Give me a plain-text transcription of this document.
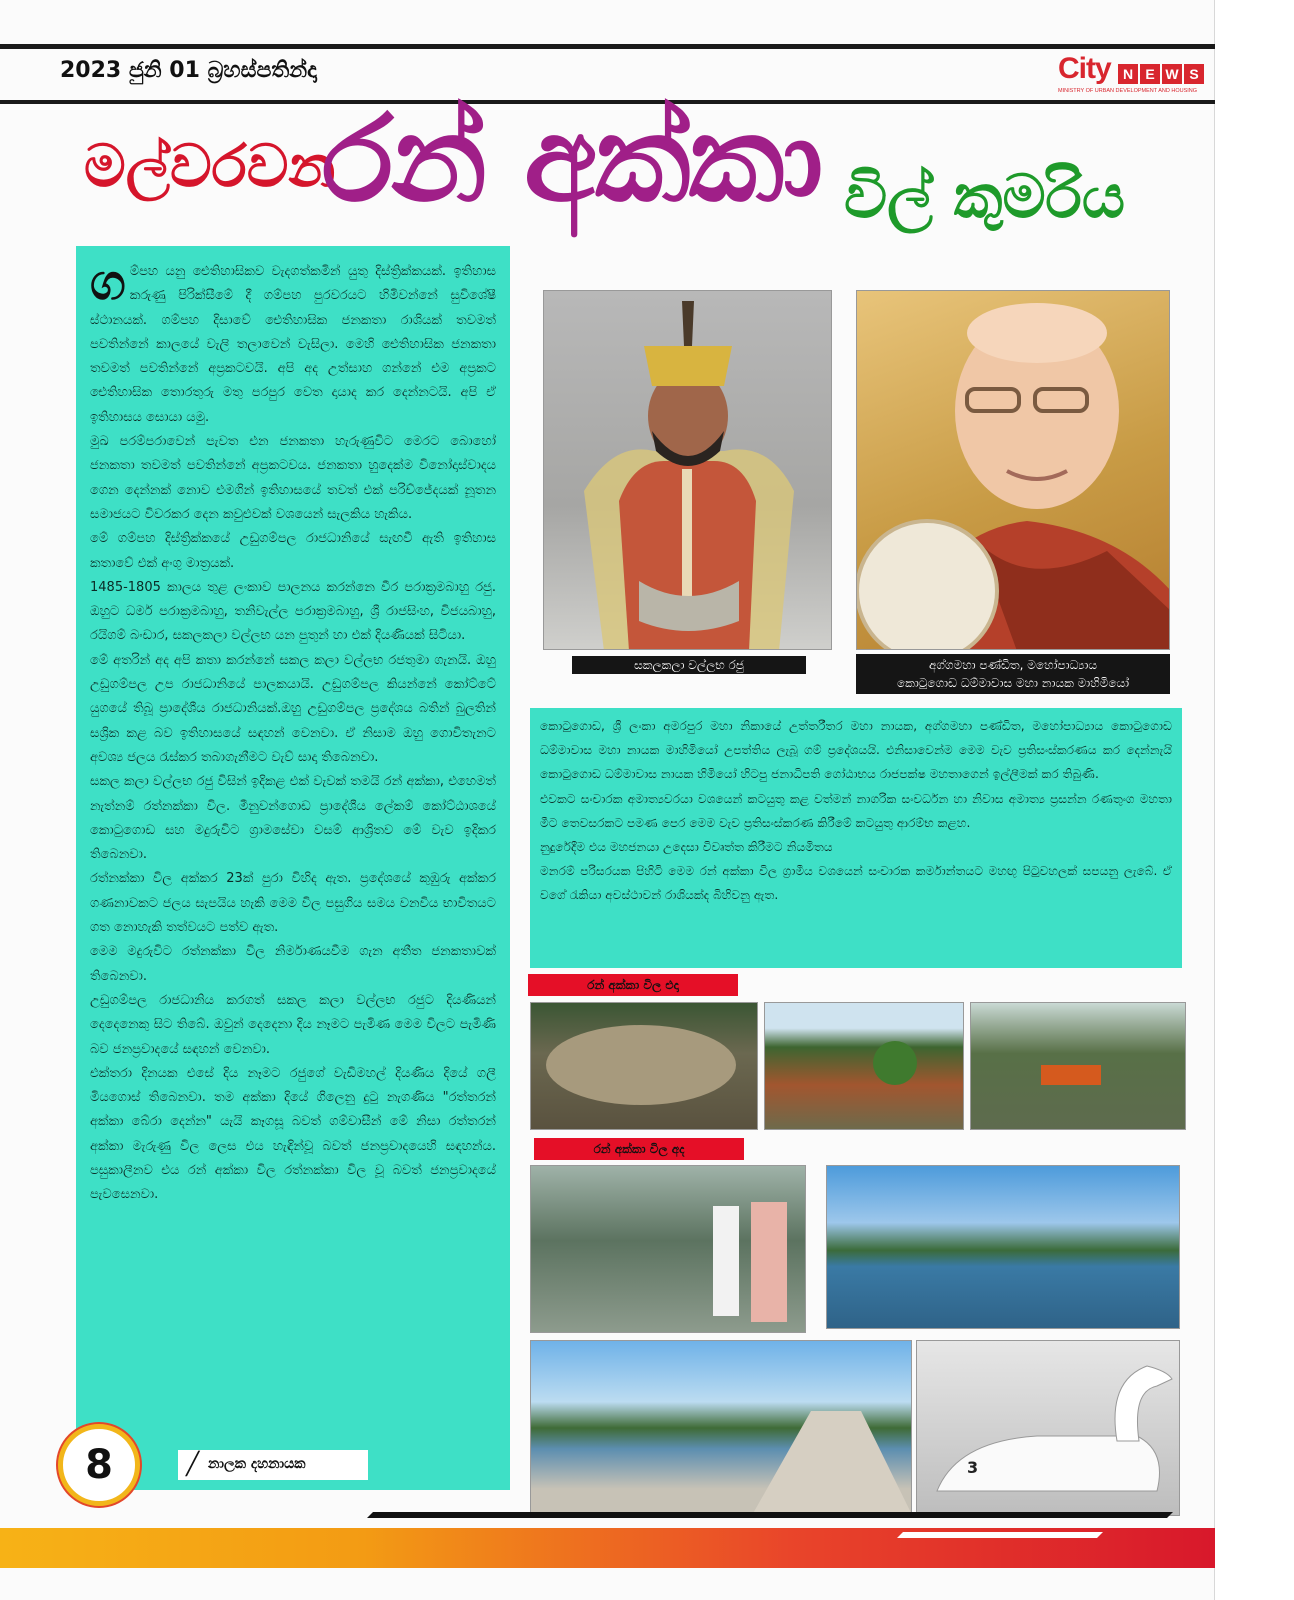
2023 ජුනි 01 බ්‍රහස්පතින්දා	City N E W S
MINISTRY OF URBAN DEVELOPMENT AND HOUSING
මල්වරවන
රන් අක්කා විල් කුමරිය
ග ම්පහ යනු ඓතිහාසිකව වැදගත්කමින් යුතු දිස්ත්‍රික්කයක්. ඉතිහාස කරුණු පිරික්සීමේ දී ගම්පහ පුරවරයට හිමිවන්නේ සුවිශේෂී ස්ථානයක්. ගම්පහ දිසාවේ ඓතිහාසික ජනකතා රාශියක් තවමත් පවතින්නේ කාලයේ වැලි තලාවෙන් වැසිලා. මෙහි ඓතිහාසික ජනකතා තවමත් පවතින්නේ අප්‍රකටවයි. අපි අද උත්සාහ ගන්නේ එම අප්‍රකට ඓතිහාසික තොරතුරු මතු පරපුර වෙත දායාද කර දෙන්නටයි. අපි ඒ ඉතිහාසය සොයා යමු.

මුඛ පරම්පරාවෙන් පැවත එන ජනකතා හැරුණුවිට මෙරට බොහෝ ජනකතා තවමත් පවතින්නේ අප්‍රකටවය. ජනකතා හුදෙක්ම විනෝදාස්වාදය ගෙන දෙන්නක් නොව එමගින් ඉතිහාසයේ තවත් එක් පරිච්ජේදයක් නූතන සමාජයට විවරකර දෙන කවුළුවක් වශයෙන් සැලකිය හැකිය.

මේ ගම්පහ දිස්ත්‍රික්කයේ උඩුගම්පල රාජධානියේ සැඟවී ඇති ඉතිහාස කතාවේ එක් අංගු මාත්‍රයක්.

1485-1805 කාලය තුළ ලංකාව පාලනය කරන්නෙ වීර පරාක්‍රමබාහු රජු. ඔහුට ධර්ම පරාක්‍රමබාහු, තනිවැල්ල පරාක්‍රමබාහු, ශ්‍රී රාජසිංහ, විජයබාහු, රයිගම් බංඩාර, සකලකලා වල්ලභ යන පුතුන් හා එක් දියණියක් සිටියා.

මේ අතරින් අද අපි කතා කරන්නේ සකල කලා වල්ලභ රජතුමා ගැනයි. ඔහු උඩුගම්පල උප රාජධානියේ පාලකයායි. උඩුගම්පල කියන්නේ කෝට්ටේ යුගයේ තිබූ ප්‍රාදේශීය රාජධානියක්.ඔහු උඩුගම්පල ප්‍රදේශය බතින් බුලතින් සශ්‍රික කළ බව ඉතිහාසයේ සඳහන් වෙනවා. ඒ නිසාම ඔහු ගොවිතැනට අවශ්‍ය ජලය රැස්කර තබාගැනීමට වැව් සාදා තිබෙනවා.

සකල කලා වල්ලභ රජු විසින් ඉදිකළ එක් වැවක් තමයි රන් අක්කා, එහෙමත් නැත්නම් රත්නක්කා විල. මීනුවන්ගොඩ ප්‍රාදේශීය ලේකම් කෝට්ඨාශයේ කොටුගොඩ සහ මදුරුවිට ග්‍රාමසේවා වසම් ආශ්‍රිතව මේ වැව ඉදිකර තිබෙනවා.

රත්නක්කා විල අක්කර 23ක් පුරා විහිද ඇත. ප්‍රදේශයේ කුඹුරු අක්කර ගණනාවකට ජලය සැපයිය හැකි මෙම විල පසුගිය සමය වනවිය භාවිතයට ගත නොහැකි තත්වයට පත්ව ඇත.

මෙම මදුරුවිට රත්නක්කා විල නිර්මාණයවීම ගැන අතීත ජනකතාවක් තිබෙනවා.

උඩුගම්පල රාජධානිය කරගත් සකල කලා වල්ලභ රජුට දියණියන් දෙදෙනෙකු සිට තිබේ. ඔවුන් දෙදෙනා දිය නෑමට පැමිණ මෙම විලට පැමිණි බව ජනප්‍රවාදයේ සඳහන් වෙනවා.

එක්තරා දිනයක එසේ දිය නෑමට රජුගේ වැඩිමහල් දියණිය දියේ ගලී මියගොස් තිබෙනවා. තම අක්කා දියේ ගිලෙනු දුටු නැගණිය "රත්තරන් අක්කා බේරා දෙන්න" යැයි කෑගසූ බවත් ගම්වාසීන් මේ නිසා රත්තරන් අක්කා මැරුණු විල ලෙස එය හැඳින්වූ බවත් ජනප්‍රවාදයෙහි සඳහන්ය. පසුකාලීනව එය රන් අක්කා විල රත්නක්කා විල වූ බවත් ජනප්‍රවාදයේ පැවසෙනවා.

8	╱ නාලක දහනායක
සකලකලා වල්ලභ රජු	අග්ගමහා පණ්ඩිත, මහෝපාධ්‍යාය
කොටුගොඩ ධම්මාවාස මහා නායක මාහිමියෝ

කොටුගොඩ, ශ්‍රී ලංකා අමරපුර මහා නිකායේ උත්තරීතර මහා නායක, අග්ගමහා පණ්ඩිත, මහෝපාධ්‍යාය කොටුගොඩ ධම්මාවාස මහා නායක මාහිමියෝ උපත්තිය ලැබූ ගම් ප්‍රදේශයයි. එනිසාවෙන්ම මෙම වැව ප්‍රතිසංස්කරණය කර දෙන්නැයි කොටුගොඩ ධම්මාවාස නායක හිමියෝ හිටපු ජනාධිපති ගෝඨාභය රාජපක්ෂ මහතාගෙන් ඉල්ලීමක් කර තිබුණි.

එවකට සංචාරක අමාත්‍යවරයා වශයෙන් කටයුතු කළ වත්මන් නාගරික සංවර්ධන හා නිවාස අමාත්‍ය ප්‍රසන්න රණතුංග මහතා මීට තෙවසරකට පමණ පෙර මෙම වැව ප්‍රතිසංස්කරණ කිරීමේ කටයුතු ආරම්භ කළහ.

නුදුරේදීම එය මහජනයා උදෙසා විවෘත්ත කිරීමට නියමිතය

මනරම් පරිසරයක පිහිටි මෙම රන් අක්කා විල ග්‍රාමීය වශයෙන් සංචාරක කර්මාන්තයට මහඟු පිටුවහලක් සපයනු ලැබේ. ඒ වගේ රැකියා අවස්ථාවන් රාශියක්ද බිහිවනු ඇත.

රන් අක්කා විල එදා
රන් අක්කා විල අද
3
